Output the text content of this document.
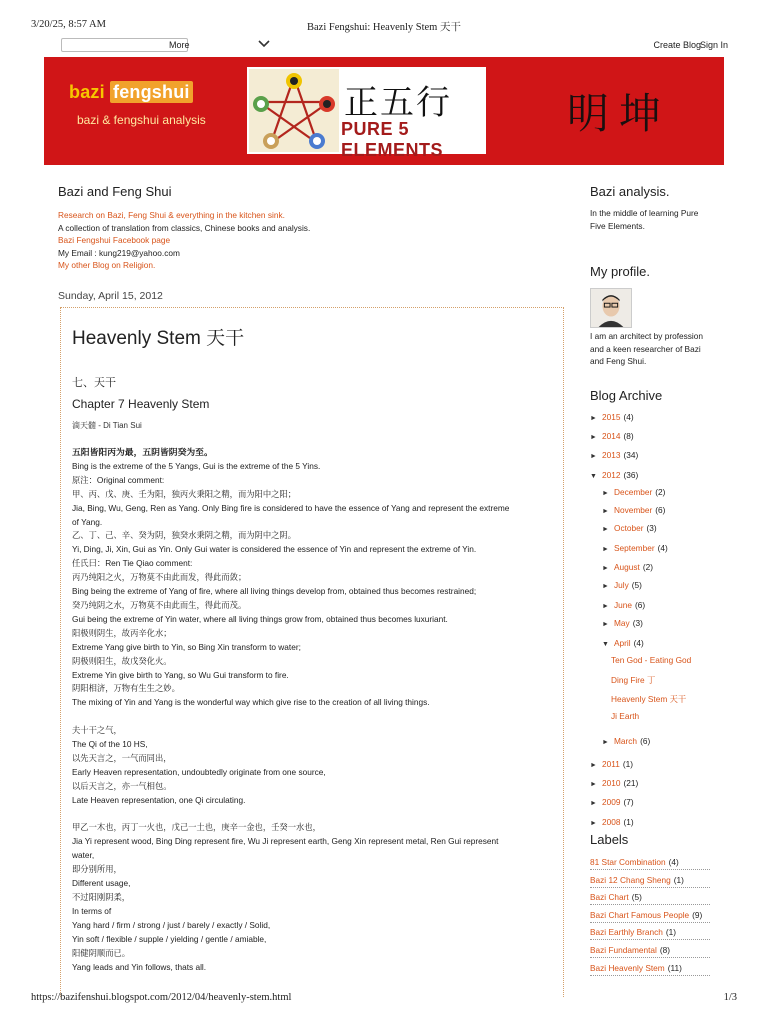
3/20/25, 8:57 AM	Bazi Fengshui: Heavenly Stem 天干
More	Create Blog
Sign In
bazi fengshui
bazi & fengshui analysis	正五行
PURE 5 ELEMENTS
明坤
Bazi and Feng Shui
Research on Bazi, Feng Shui & everything in the kitchen sink.
A collection of translation from classics, Chinese books and analysis.
Bazi Fengshui Facebook page
My Email : kung219@yahoo.com
My other Blog on Religion.
Sunday, April 15, 2012
Heavenly Stem 天干
七、天干
Chapter 7 Heavenly Stem
滴天髓 - Di Tian Sui
五阳皆阳丙为最，五阴皆阴癸为至。
Bing is the extreme of the 5 Yangs, Gui is the extreme of the 5 Yins.
原注：Original comment:
甲、丙、戊、庚、壬为阳，独丙火秉阳之精，而为阳中之阳；
Jia, Bing, Wu, Geng, Ren as Yang. Only Bing fire is considered to have the essence of Yang and represent the extreme
of Yang.
乙、丁、己、辛、癸为阴，独癸水秉阴之精，而为阴中之阴。
Yi, Ding, Ji, Xin, Gui as Yin. Only Gui water is considered the essence of Yin and represent the extreme of Yin.
任氏曰：Ren Tie Qiao comment:
丙乃纯阳之火，万物莫不由此而发，得此而敛；
Bing being the extreme of Yang of fire, where all living things develop from, obtained thus becomes restrained;
癸乃纯阴之水，万物莫不由此而生，得此而茂。
Gui being the extreme of Yin water, where all living things grow from, obtained thus becomes luxuriant.
阳极则阴生，故丙辛化水；
Extreme Yang give birth to Yin, so Bing Xin transform to water;
阴极则阳生，故戊癸化火。
Extreme Yin give birth to Yang, so Wu Gui transform to fire.
阴阳相济，万物有生生之妙。
The mixing of Yin and Yang is the wonderful way which give rise to the creation of all living things.
夫十干之气，
The Qi of the 10 HS,
以先天言之，一气而同出，
Early Heaven representation, undoubtedly originate from one source,
以后天言之，亦一气相包。
Late Heaven representation, one Qi circulating.
甲乙一木也，丙丁一火也，戊己一土也，庚辛一金也，壬癸一水也，
Jia Yi represent wood, Bing Ding represent fire, Wu Ji represent earth, Geng Xin represent metal, Ren Gui represent
water,
即分别所用，
Different usage,
不过阳刚阴柔，
In terms of
Yang hard / firm / strong / just / barely / exactly / Solid,
Yin soft / flexible / supple / yielding / gentle / amiable,
阳健阴顺而已。
Yang leads and Yin follows, thats all.
Bazi analysis.
In the middle of learning Pure Five Elements.
My profile.
I am an architect by profession and a keen researcher of Bazi and Feng Shui.
Blog Archive
► 2015 (4)
► 2014 (8)
► 2013 (34)
▼ 2012 (36)
► December (2)
► November (6)
► October (3)
► September (4)
► August (2)
► July (5)
► June (6)
► May (3)
▼ April (4)
Ten God - Eating God
Ding Fire 丁
Heavenly Stem 天干
Ji Earth
► March (6)
► 2011 (1)
► 2010 (21)
► 2009 (7)
► 2008 (1)
Labels
81 Star Combination (4)
Bazi 12 Chang Sheng (1)
Bazi Chart (5)
Bazi Chart Famous People (9)
Bazi Earthly Branch (1)
Bazi Fundamental (8)
Bazi Heavenly Stem (11)
https://bazifenshui.blogspot.com/2012/04/heavenly-stem.html	1/3
